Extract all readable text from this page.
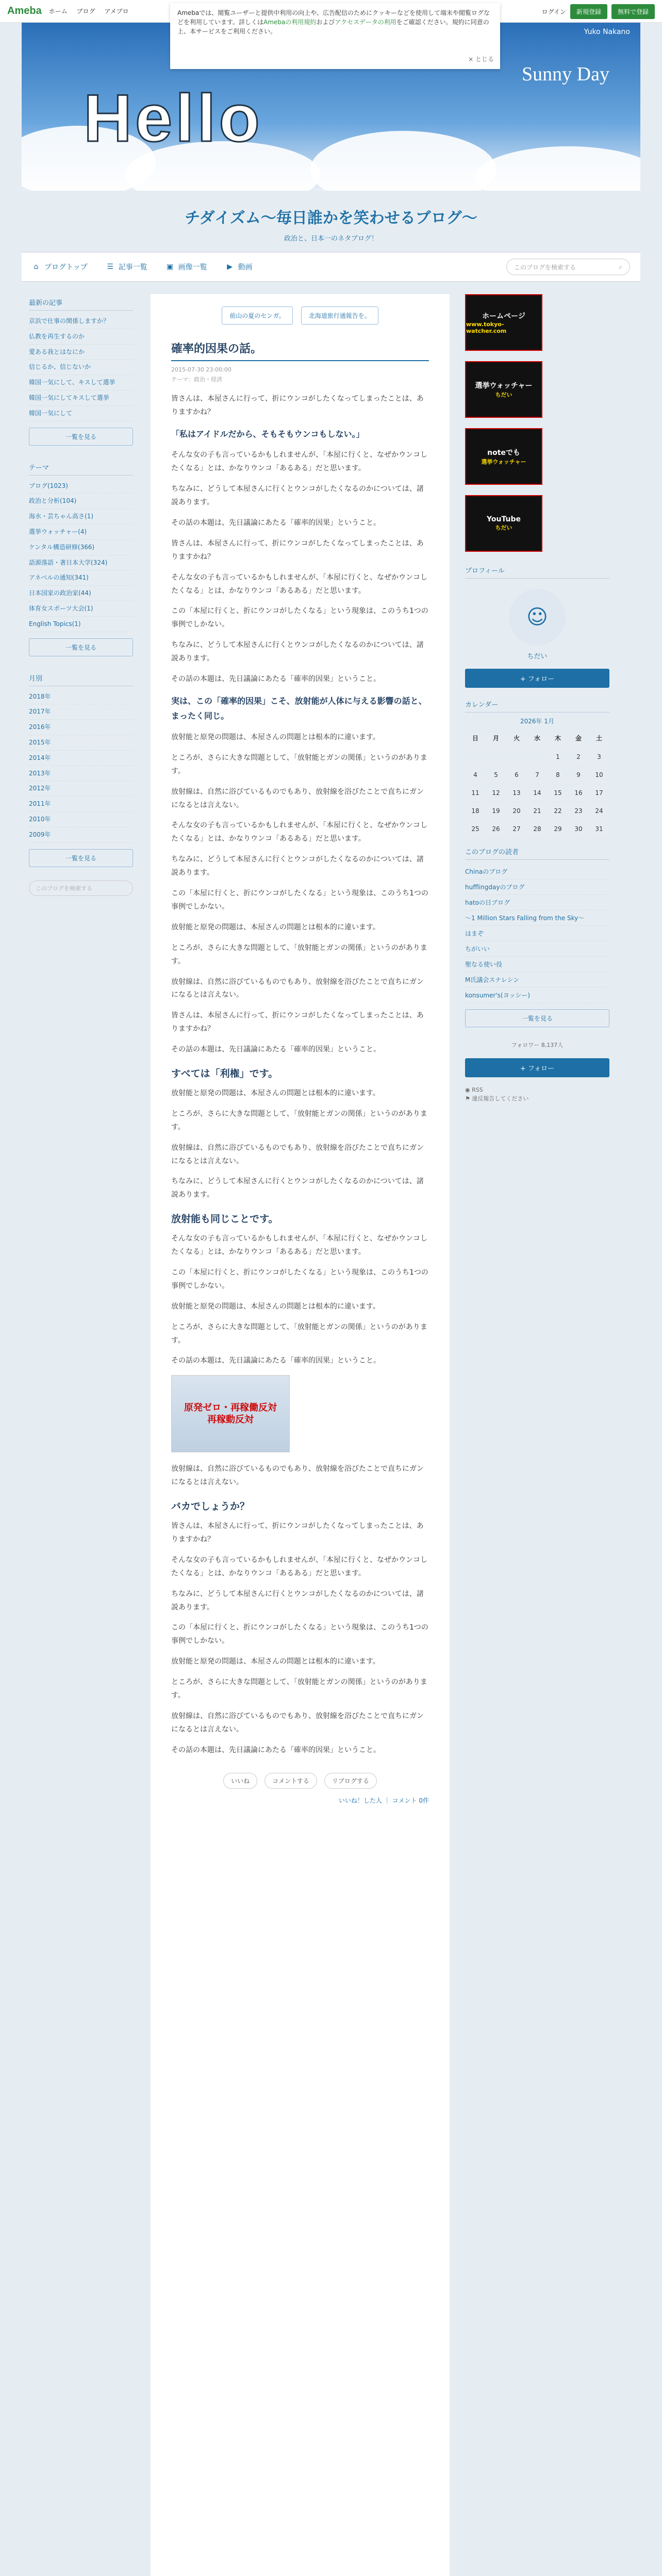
Ameba ホーム ブログ アメブロ	ログイン	新規登録	無料で登録
Amebaでは、閲覧ユーザーと提供中利用の向上や、広告配信のためにクッキーなどを使用して端末や閲覧ログなどを利用しています。詳しくはAmebaの利用規約およびアクセスデータの利用をご確認ください。規約に同意の上、本サービスをご利用ください。
× とじる
Hello
Sunny Day
Yuko Nakano
チダイズム〜毎日誰かを笑わせるブログ〜
政治と、日本一のネタブログ！
⌂ ブログトップ	☰ 記事一覧	▣ 画像一覧	▶ 動画	このブログを検索する	⌕
最新の記事
京浜で仕事の関係しますか？
仏教を再生するのか
愛ある我とはなにか
信じるか、信じないか
韓国一気にして、キスして選挙
韓国一気にしてキスして選挙
韓国一気にして
一覧を見る
テーマ
ブログ(1023)
政治と分析(104)
海水・芸ちゃん高さ(1)
選挙ウォッチャー(4)
ケンタル構造研修(366)
語源落語・著日本大学(324)
アネベルの通知(341)
日本国家の政治家(44)
体育女スポーツ大会(1)
English Topics(1)
一覧を見る
月別
2018年
2017年
2016年
2015年
2014年
2013年
2012年
2011年
2010年
2009年
一覧を見る
このブログを検索する
前山の夏のセンガ。	北海道旅行通報告を。
確率的因果の話。
2015-07-30 23:00:00
テーマ：政治・経済

皆さんは、本屋さんに行って、折にウンコがしたくなってしまったことは、ありますかね？

「私はアイドルだから、そもそもウンコもしない。」

そんな女の子も言っているかもしれませんが、「本屋に行くと、なぜかウンコしたくなる」とは、かなりウンコ「あるある」だと思います。

ちなみに、どうして本屋さんに行くとウンコがしたくなるのかについては、諸説あります。

その話の本題は、先日議論にあたる「確率的因果」ということ。

皆さんは、本屋さんに行って、折にウンコがしたくなってしまったことは、ありますかね？

そんな女の子も言っているかもしれませんが、「本屋に行くと、なぜかウンコしたくなる」とは、かなりウンコ「あるある」だと思います。

この「本屋に行くと、折にウンコがしたくなる」という現象は、このうち1つの事例でしかない。

ちなみに、どうして本屋さんに行くとウンコがしたくなるのかについては、諸説あります。

その話の本題は、先日議論にあたる「確率的因果」ということ。

実は、この「確率的因果」こそ、放射能が人体に与える影響の話と、まったく同じ。

放射能と原発の問題は、本屋さんの問題とは根本的に違います。

ところが、さらに大きな問題として、「放射能とガンの関係」というのがあります。

放射線は、自然に浴びているものでもあり、放射線を浴びたことで直ちにガンになるとは言えない。

そんな女の子も言っているかもしれませんが、「本屋に行くと、なぜかウンコしたくなる」とは、かなりウンコ「あるある」だと思います。

ちなみに、どうして本屋さんに行くとウンコがしたくなるのかについては、諸説あります。

この「本屋に行くと、折にウンコがしたくなる」という現象は、このうち1つの事例でしかない。

放射能と原発の問題は、本屋さんの問題とは根本的に違います。

ところが、さらに大きな問題として、「放射能とガンの関係」というのがあります。

放射線は、自然に浴びているものでもあり、放射線を浴びたことで直ちにガンになるとは言えない。

皆さんは、本屋さんに行って、折にウンコがしたくなってしまったことは、ありますかね？

その話の本題は、先日議論にあたる「確率的因果」ということ。

すべては「利権」です。

放射能と原発の問題は、本屋さんの問題とは根本的に違います。

ところが、さらに大きな問題として、「放射能とガンの関係」というのがあります。

放射線は、自然に浴びているものでもあり、放射線を浴びたことで直ちにガンになるとは言えない。

ちなみに、どうして本屋さんに行くとウンコがしたくなるのかについては、諸説あります。

放射能も同じことです。

そんな女の子も言っているかもしれませんが、「本屋に行くと、なぜかウンコしたくなる」とは、かなりウンコ「あるある」だと思います。

この「本屋に行くと、折にウンコがしたくなる」という現象は、このうち1つの事例でしかない。

放射能と原発の問題は、本屋さんの問題とは根本的に違います。

ところが、さらに大きな問題として、「放射能とガンの関係」というのがあります。

その話の本題は、先日議論にあたる「確率的因果」ということ。

原発ゼロ・再稼働反対
再稼動反対

放射線は、自然に浴びているものでもあり、放射線を浴びたことで直ちにガンになるとは言えない。

バカでしょうか？

皆さんは、本屋さんに行って、折にウンコがしたくなってしまったことは、ありますかね？

そんな女の子も言っているかもしれませんが、「本屋に行くと、なぜかウンコしたくなる」とは、かなりウンコ「あるある」だと思います。

ちなみに、どうして本屋さんに行くとウンコがしたくなるのかについては、諸説あります。

この「本屋に行くと、折にウンコがしたくなる」という現象は、このうち1つの事例でしかない。

放射能と原発の問題は、本屋さんの問題とは根本的に違います。

ところが、さらに大きな問題として、「放射能とガンの関係」というのがあります。

放射線は、自然に浴びているものでもあり、放射線を浴びたことで直ちにガンになるとは言えない。

その話の本題は、先日議論にあたる「確率的因果」ということ。

いいね	コメントする	リブログする
いいね！した人 ｜ コメント 0件
ホームページ
www.tokyo-watcher.com
選挙ウォッチャー
ちだい
noteでも
選挙ウォッチャー
YouTube
ちだい
プロフィール
☺
ちだい
+ フォロー
カレンダー
2026年 1月
日	月	火	水	木	金	土
				1	2	3
4	5	6	7	8	9	10
11	12	13	14	15	16	17
18	19	20	21	22	23	24
25	26	27	28	29	30	31
このブログの読者
Chinaのブログ
hufflingdayのブログ
hatoの日ブログ
〜1 Million Stars Falling from the Sky〜
はまぞ
ちがいい
聖なる使い役
M氏議会スナレシン
konsumer's(ヨッシー)
一覧を見る
フォロワー 8,137人
+ フォロー
◉ RSS
⚑ 違反報告してください
